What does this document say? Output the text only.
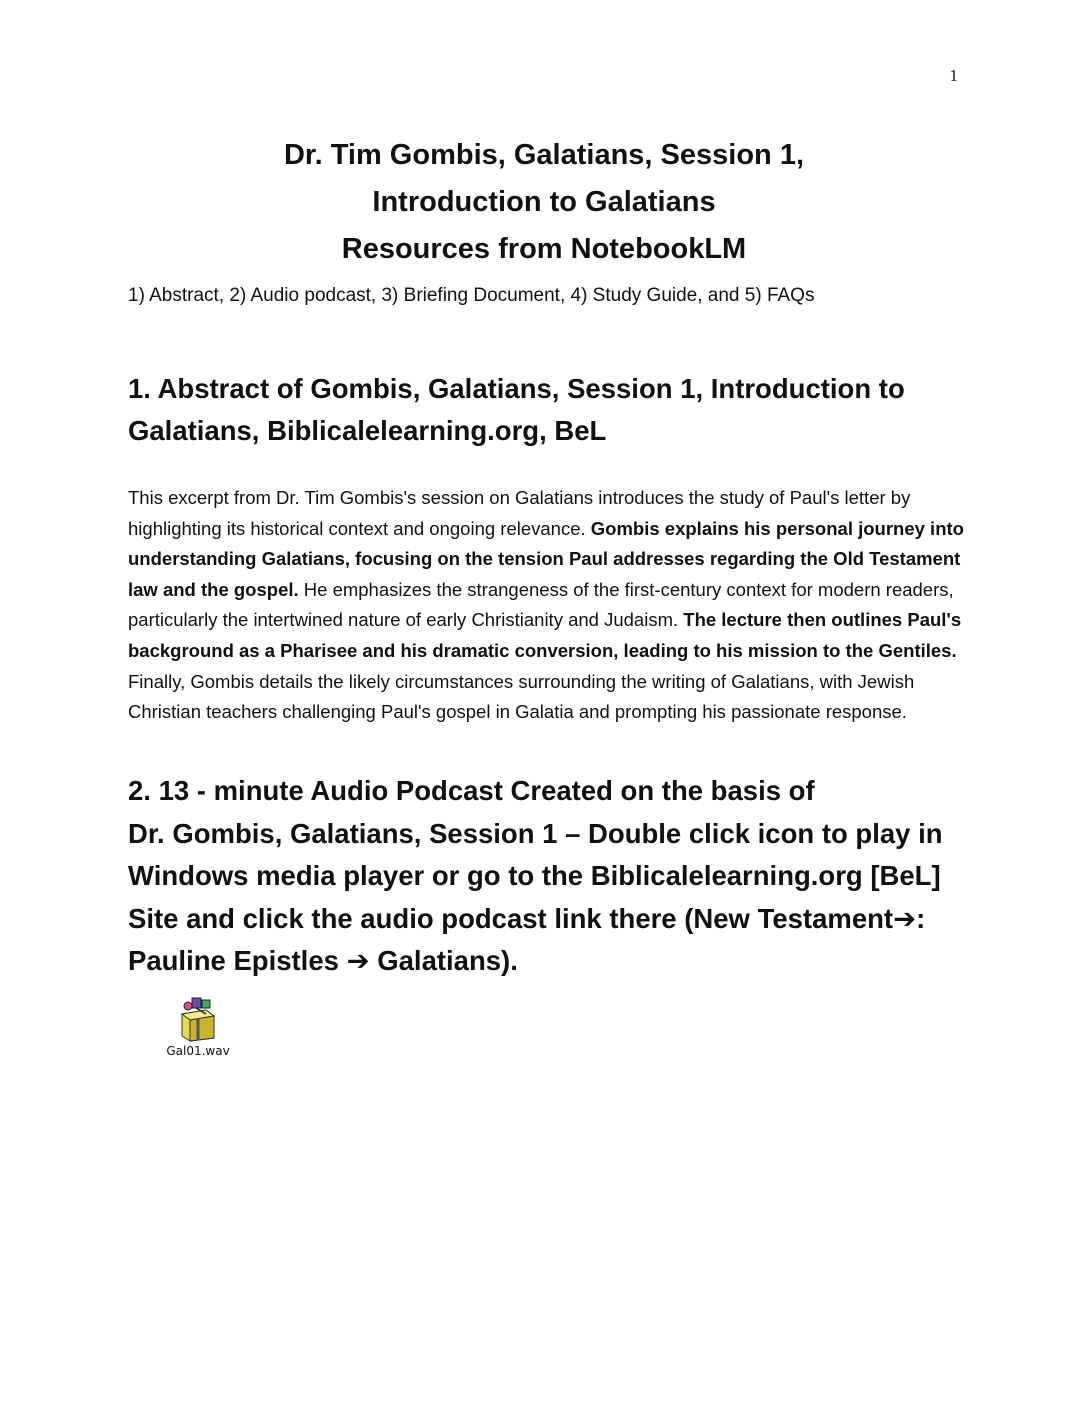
1
Dr. Tim Gombis, Galatians, Session 1,
Introduction to Galatians
Resources from NotebookLM

1) Abstract, 2) Audio podcast, 3) Briefing Document, 4) Study Guide, and 5) FAQs

1. Abstract of Gombis, Galatians, Session 1, Introduction to Galatians, Biblicalelearning.org, BeL

This excerpt from Dr. Tim Gombis's session on Galatians introduces the study of Paul's letter by highlighting its historical context and ongoing relevance. Gombis explains his personal journey into understanding Galatians, focusing on the tension Paul addresses regarding the Old Testament law and the gospel. He emphasizes the strangeness of the first-century context for modern readers, particularly the intertwined nature of early Christianity and Judaism. The lecture then outlines Paul's background as a Pharisee and his dramatic conversion, leading to his mission to the Gentiles. Finally, Gombis details the likely circumstances surrounding the writing of Galatians, with Jewish Christian teachers challenging Paul's gospel in Galatia and prompting his passionate response.

2. 13 - minute Audio Podcast Created on the basis of
Dr. Gombis, Galatians, Session 1 – Double click icon to play in Windows media player or go to the Biblicalelearning.org [BeL] Site and click the audio podcast link there (New Testament➔: Pauline Epistles ➔ Galatians).
Gal01.wav
